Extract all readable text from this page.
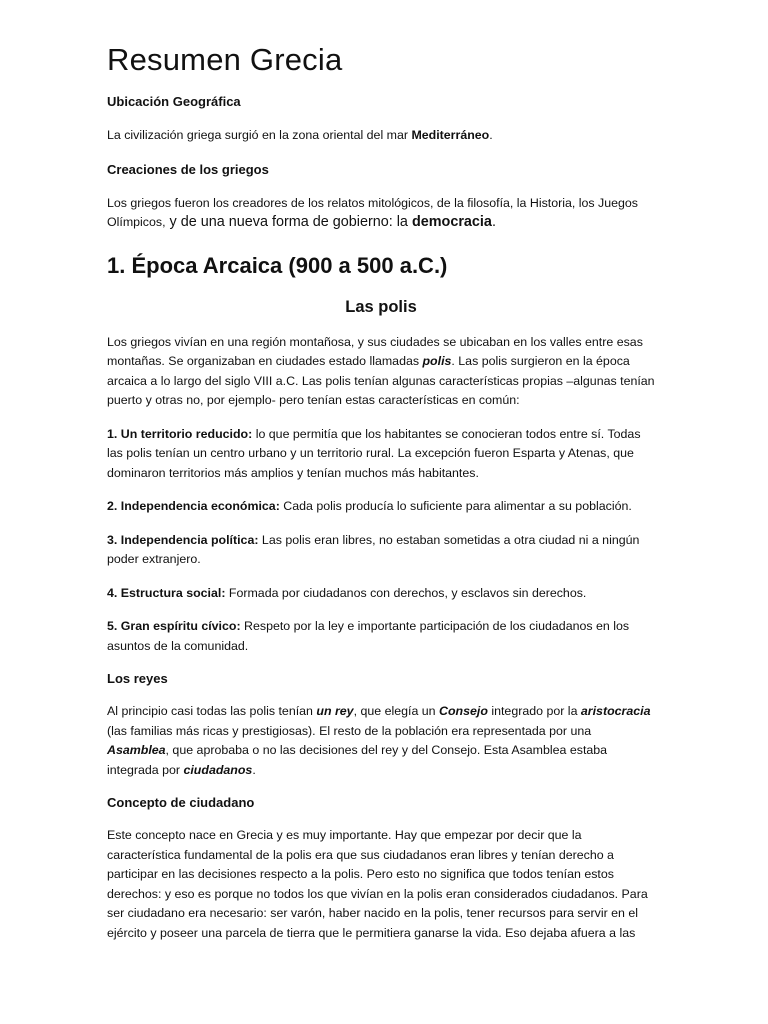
Resumen Grecia
Ubicación Geográfica

La civilización griega surgió en la zona oriental del mar Mediterráneo.

Creaciones de los griegos

Los griegos fueron los creadores de los relatos mitológicos, de la filosofía, la Historia, los Juegos Olímpicos, y de una nueva forma de gobierno: la democracia.

1. Época Arcaica (900 a 500 a.C.)
Las polis

Los griegos vivían en una región montañosa, y sus ciudades se ubicaban en los valles entre esas montañas. Se organizaban en ciudades estado llamadas polis. Las polis surgieron en la época arcaica a lo largo del siglo VIII a.C. Las polis tenían algunas características propias –algunas tenían puerto y otras no, por ejemplo- pero tenían estas características en común:

1. Un territorio reducido: lo que permitía que los habitantes se conocieran todos entre sí. Todas las polis tenían un centro urbano y un territorio rural. La excepción fueron Esparta y Atenas, que dominaron territorios más amplios y tenían muchos más habitantes.

2. Independencia económica: Cada polis producía lo suficiente para alimentar a su población.

3. Independencia política: Las polis eran libres, no estaban sometidas a otra ciudad ni a ningún poder extranjero.

4. Estructura social: Formada por ciudadanos con derechos, y esclavos sin derechos.

5. Gran espíritu cívico: Respeto por la ley e importante participación de los ciudadanos en los asuntos de la comunidad.

Los reyes

Al principio casi todas las polis tenían un rey, que elegía un Consejo integrado por la aristocracia (las familias más ricas y prestigiosas). El resto de la población era representada por una Asamblea, que aprobaba o no las decisiones del rey y del Consejo. Esta Asamblea estaba integrada por ciudadanos.

Concepto de ciudadano

Este concepto nace en Grecia y es muy importante. Hay que empezar por decir que la característica fundamental de la polis era que sus ciudadanos eran libres y tenían derecho a participar en las decisiones respecto a la polis. Pero esto no significa que todos tenían estos derechos: y eso es porque no todos los que vivían en la polis eran considerados ciudadanos. Para ser ciudadano era necesario: ser varón, haber nacido en la polis, tener recursos para servir en el ejército y poseer una parcela de tierra que le permitiera ganarse la vida. Eso dejaba afuera a las
